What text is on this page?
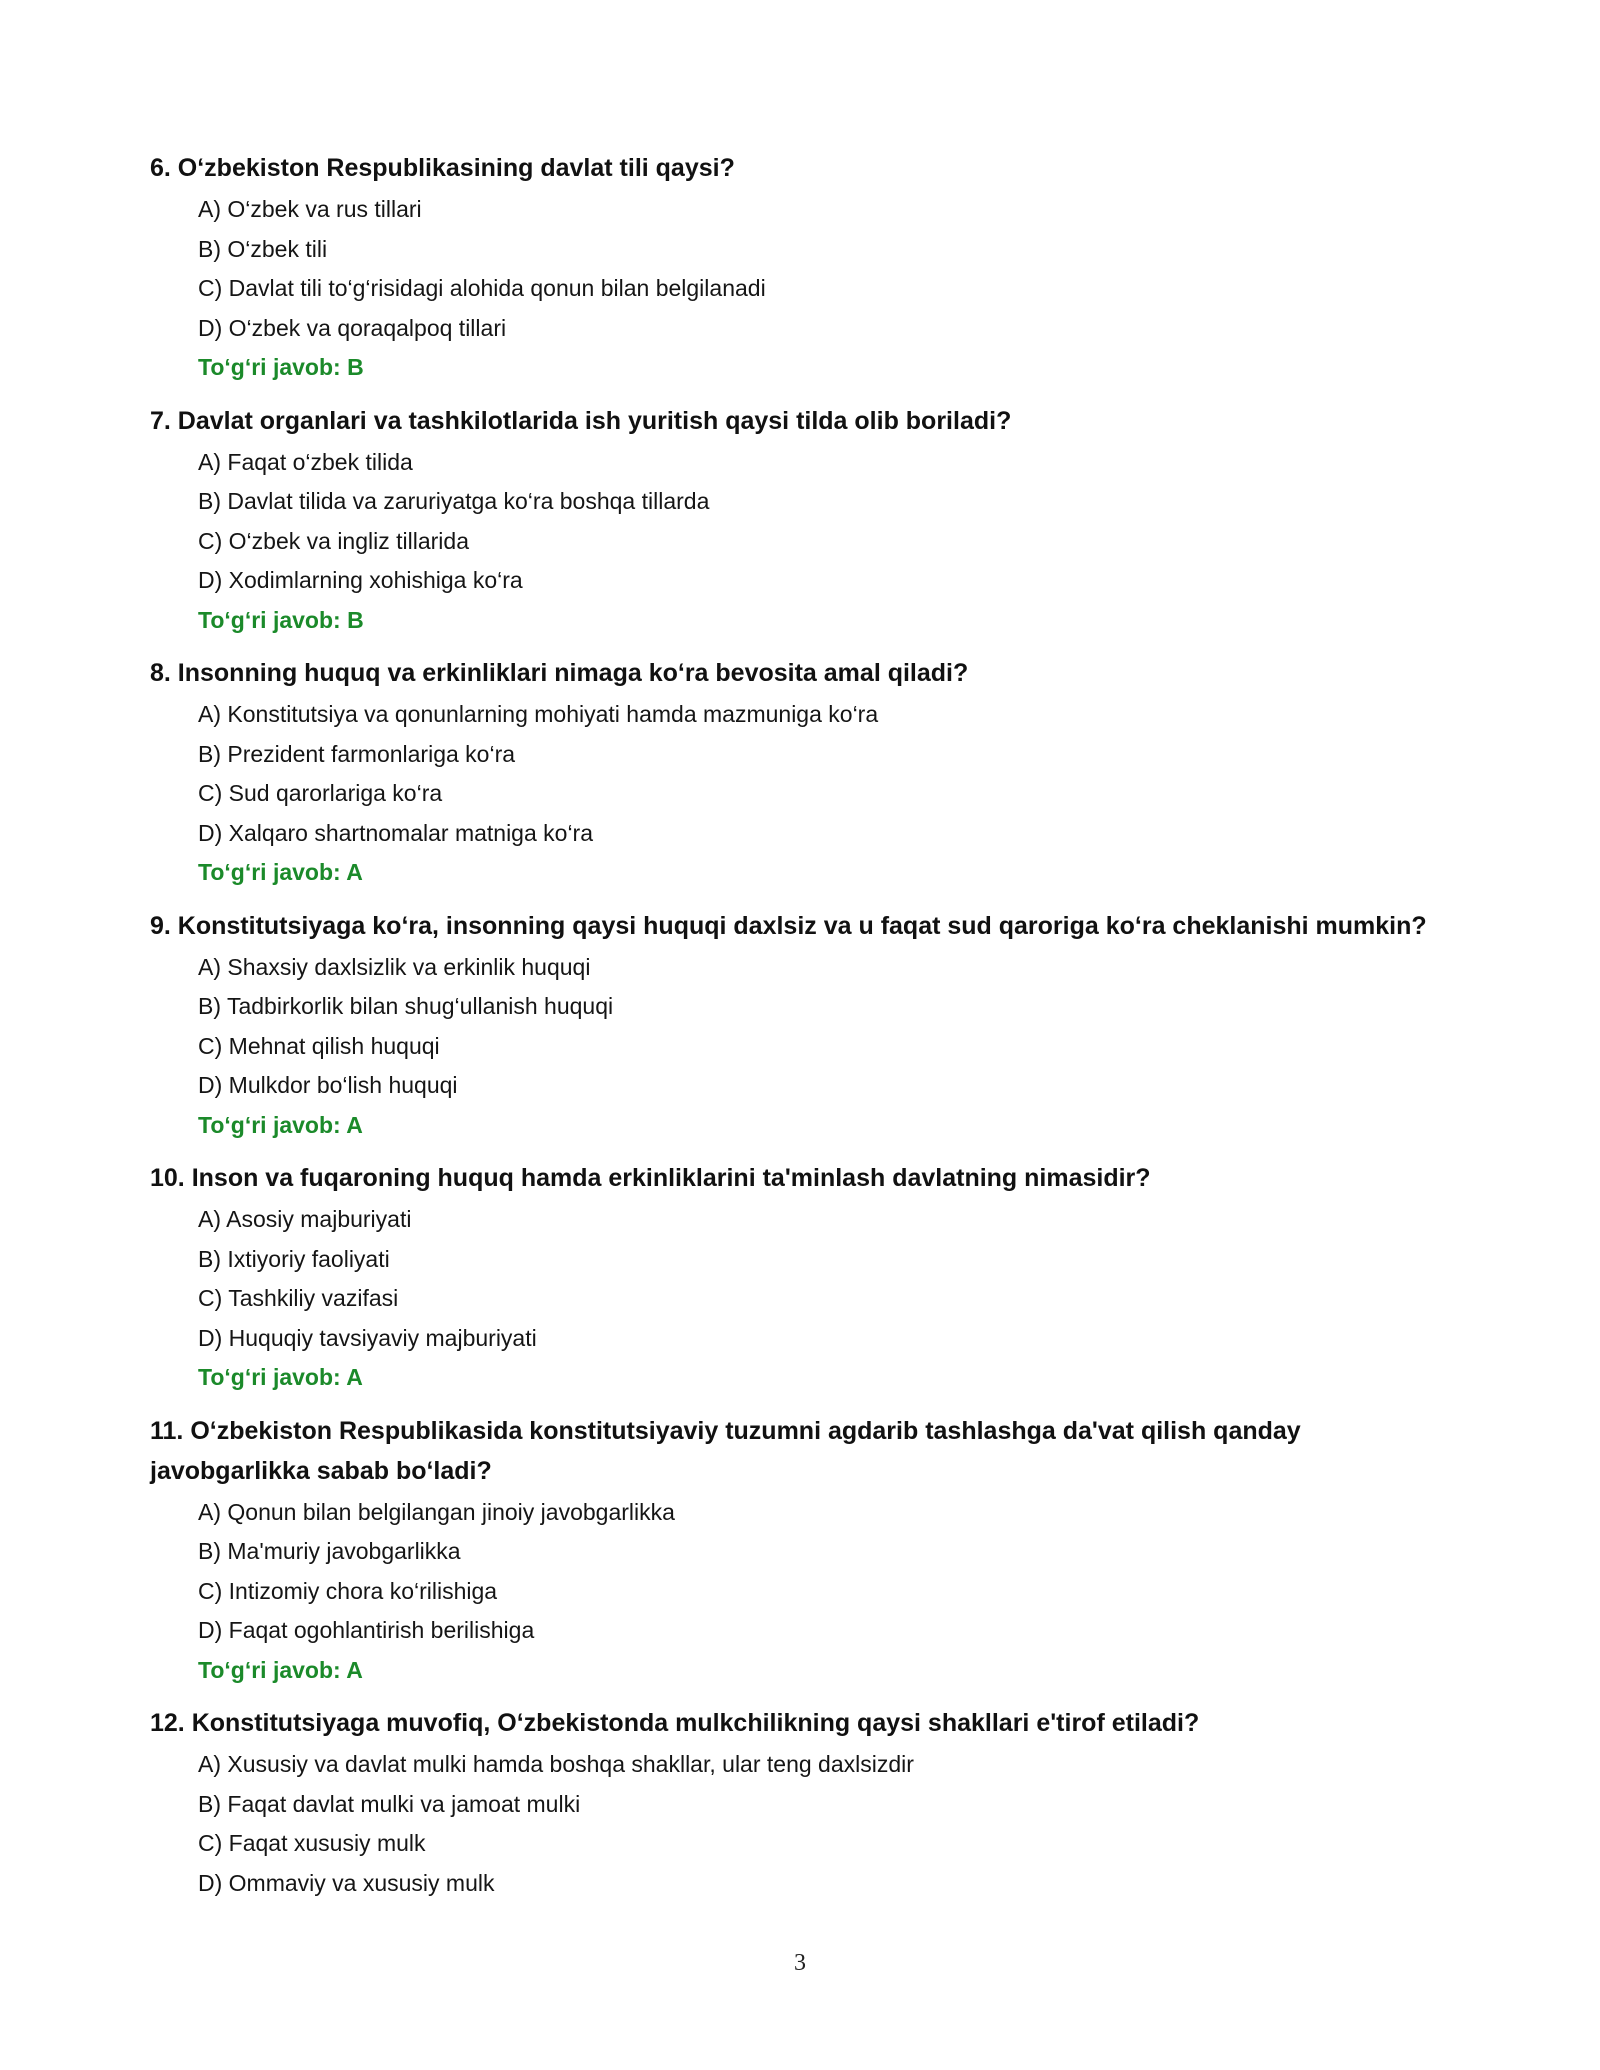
6. O‘zbekiston Respublikasining davlat tili qaysi?
A) O‘zbek va rus tillari
B) O‘zbek tili
C) Davlat tili to‘g‘risidagi alohida qonun bilan belgilanadi
D) O‘zbek va qoraqalpoq tillari
To‘g‘ri javob: B
7. Davlat organlari va tashkilotlarida ish yuritish qaysi tilda olib boriladi?
A) Faqat o‘zbek tilida
B) Davlat tilida va zaruriyatga ko‘ra boshqa tillarda
C) O‘zbek va ingliz tillarida
D) Xodimlarning xohishiga ko‘ra
To‘g‘ri javob: B
8. Insonning huquq va erkinliklari nimaga ko‘ra bevosita amal qiladi?
A) Konstitutsiya va qonunlarning mohiyati hamda mazmuniga ko‘ra
B) Prezident farmonlariga ko‘ra
C) Sud qarorlariga ko‘ra
D) Xalqaro shartnomalar matniga ko‘ra
To‘g‘ri javob: A
9. Konstitutsiyaga ko‘ra, insonning qaysi huquqi daxlsiz va u faqat sud qaroriga ko‘ra cheklanishi mumkin?
A) Shaxsiy daxlsizlik va erkinlik huquqi
B) Tadbirkorlik bilan shug‘ullanish huquqi
C) Mehnat qilish huquqi
D) Mulkdor bo‘lish huquqi
To‘g‘ri javob: A
10. Inson va fuqaroning huquq hamda erkinliklarini ta'minlash davlatning nimasidir?
A) Asosiy majburiyati
B) Ixtiyoriy faoliyati
C) Tashkiliy vazifasi
D) Huquqiy tavsiyaviy majburiyati
To‘g‘ri javob: A
11. O‘zbekiston Respublikasida konstitutsiyaviy tuzumni agdarib tashlashga da'vat qilish qanday javobgarlikka sabab bo‘ladi?
A) Qonun bilan belgilangan jinoiy javobgarlikka
B) Ma'muriy javobgarlikka
C) Intizomiy chora ko‘rilishiga
D) Faqat ogohlantirish berilishiga
To‘g‘ri javob: A
12. Konstitutsiyaga muvofiq, O‘zbekistonda mulkchilikning qaysi shakllari e'tirof etiladi?
A) Xususiy va davlat mulki hamda boshqa shakllar, ular teng daxlsizdir
B) Faqat davlat mulki va jamoat mulki
C) Faqat xususiy mulk
D) Ommaviy va xususiy mulk
3
